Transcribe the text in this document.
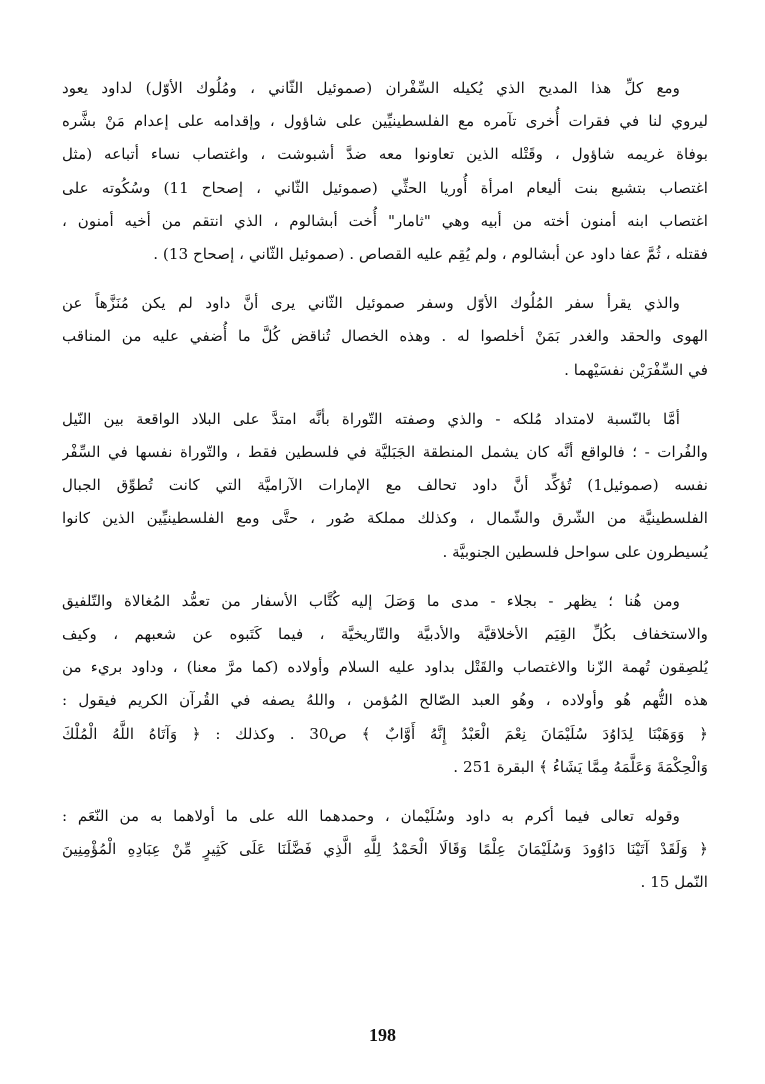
ومع كلِّ هذا المديح الذي يُكيله السِّفْران (صموئيل الثّاني ، ومُلُوك الأوّل) لداود يعود
ليروي لنا في فقرات أُخرى تآمره مع الفلسطينيِّين على شاؤول ، وإقدامه على إعدام مَنْ بشَّره
بوفاة غريمه شاؤول ، وقَتْله الذين تعاونوا معه ضدَّ أشبوشت ، واغتصاب نساء أتباعه (مثل
اغتصاب بتشيع بنت أليعام امرأة أُوريا الحثِّي (صموئيل الثّاني ، إصحاح 11) وسُكُوته على
اغتصاب ابنه أمنون أخته من أبيه وهي "ثامار" أُخت أبشالوم ، الذي انتقم من أخيه أمنون ،
فقتله ، ثُمَّ عفا داود عن أبشالوم ، ولم يُقِم عليه القصاص . (صموئيل الثّاني ، إصحاح 13) .
والذي يقرأ سفر المُلُوك الأوّل وسفر صموئيل الثّاني يرى أنَّ داود لم يكن مُنَزَّهاً عن
الهوى والحقد والغدر بَمَنْ أخلصوا له . وهذه الخصال تُناقض كُلَّ ما أُضفي عليه من المناقب
في السِّفْرَيْن نفسَيْهما .
أمَّا بالنّسبة لامتداد مُلكه - والذي وصفته التّوراة بأنَّه امتدَّ على البلاد الواقعة بين النّيل
والفُرات - ؛ فالواقع أنَّه كان يشمل المنطقة الجَبَليَّة في فلسطين فقط ، والتّوراة نفسها في السِّفْر
نفسه (صموئيل1) تُؤكِّد أنَّ داود تحالف مع الإمارات الآراميَّة التي كانت تُطوِّق الجبال
الفلسطينيَّة من الشّرق والشّمال ، وكذلك مملكة صُور ، حتَّى ومع الفلسطينيِّين الذين كانوا
يُسيطرون على سواحل فلسطين الجنوبيَّة .
ومن هُنا ؛ يظهر - بجلاء - مدى ما وَصَلَ إليه كُتَّاب الأسفار من تعمُّد المُغالاة والتّلفيق
والاستخفاف بكُلِّ القِيَم الأخلاقيَّة والأدبيَّة والتّاريخيَّة ، فيما كَتَبوه عن شعبهم ، وكيف
يُلصِقون تُهمة الزّنا والاغتصاب والقَتْل بداود عليه السلام وأولاده (كما مرَّ معنا) ، وداود بريء من
هذه التُّهم هُو وأولاده ، وهُو العبد الصّالح المُؤمن ، واللهُ يصفه في القُرآن الكريم فيقول :
﴿ وَوَهَبْنَا لِدَاوُدَ سُلَيْمَانَ نِعْمَ الْعَبْدُ إِنَّهُ أَوَّابٌ ﴾ ص30 . وكذلك : ﴿ وَآتَاهُ اللَّهُ الْمُلْكَ
وَالْحِكْمَةَ وَعَلَّمَهُ مِمَّا يَشَاءُ ﴾ البقرة 251 .
وقوله تعالى فيما أكرم به داود وسُلَيْمان ، وحمدهما الله على ما أولاهما به من النّعَم :
﴿ وَلَقَدْ آتَيْنَا دَاوُودَ وَسُلَيْمَانَ عِلْمًا وَقَالَا الْحَمْدُ لِلَّهِ الَّذِي فَضَّلَنَا عَلَى كَثِيرٍ مِّنْ عِبَادِهِ الْمُؤْمِنِينَ
النّمل 15 .
198
